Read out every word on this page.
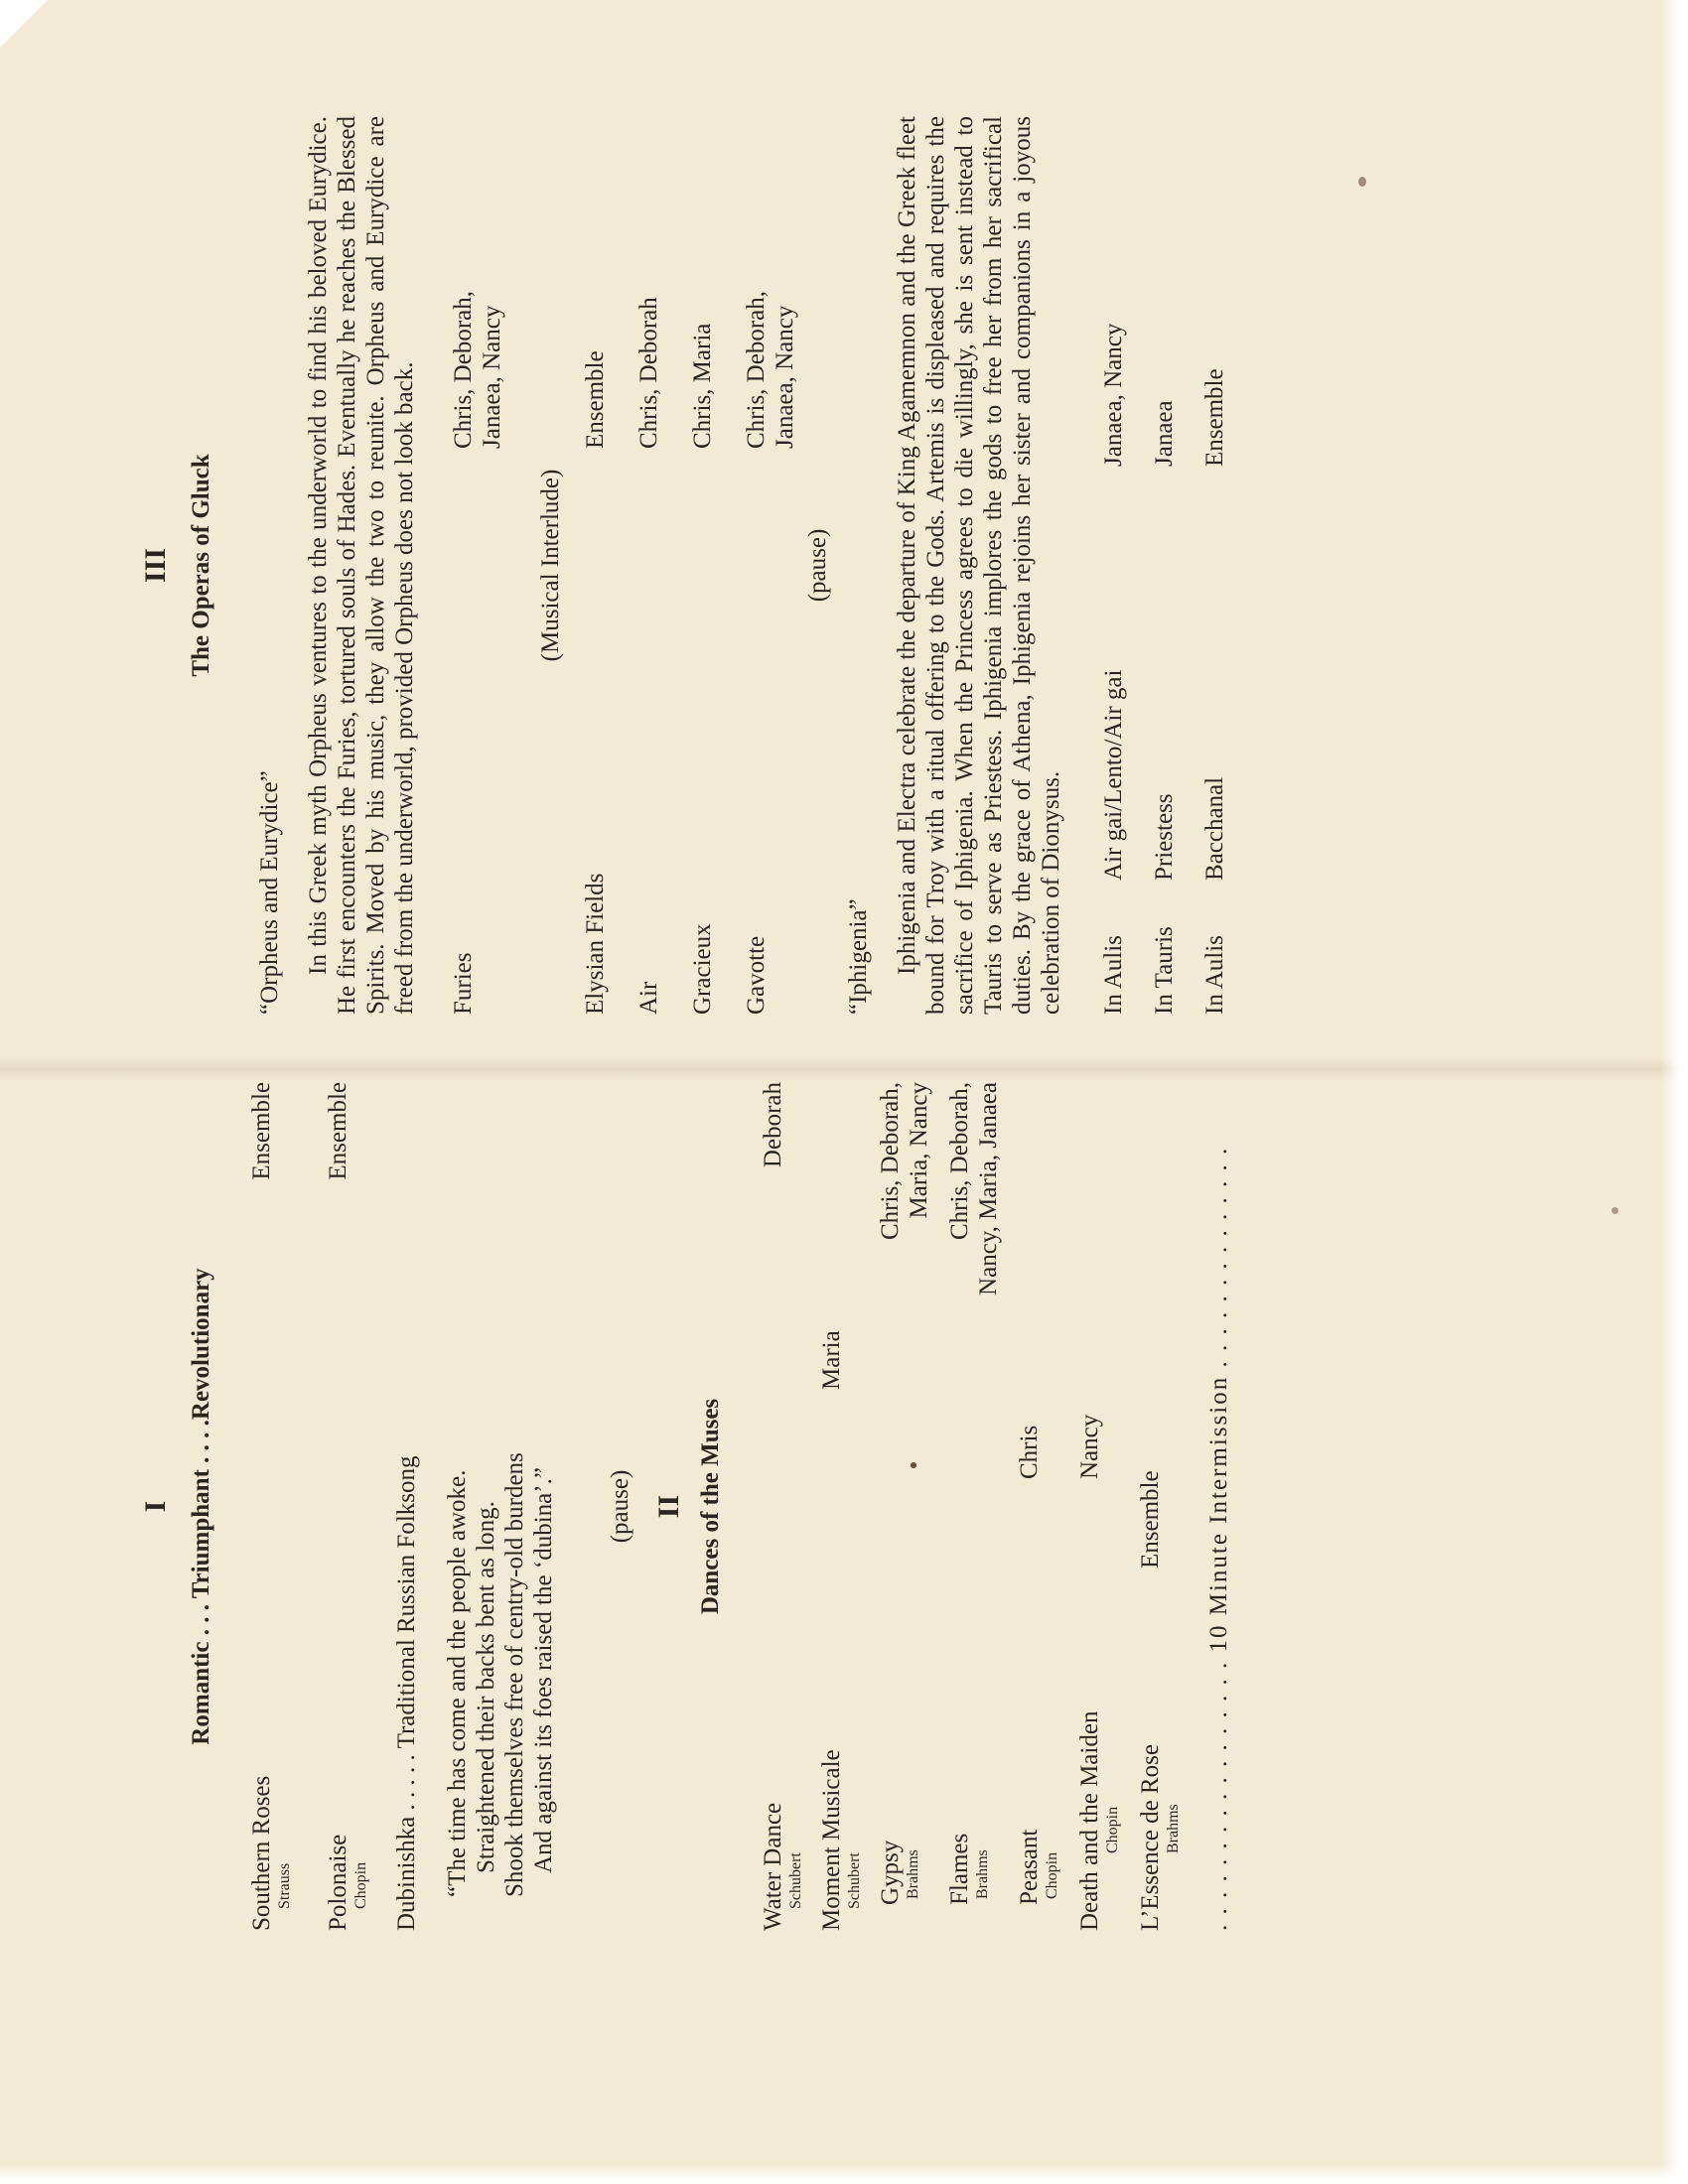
III The Operas of Gluck
“Orpheus and Eurydice” In this Greek myth Orpheus ventures to the underworld to find his beloved Eurydice. He first encounters the Furies, tortured souls of Hades. Eventually he reaches the Blessed Spirits. Moved by his music, they allow the two to reunite. Orpheus and Eurydice are freed from the underworld, provided Orpheus does not look back. Furies
Chris, Deborah,
Janaea, Nancy
(Musical Interlude)
Elysian Fields
Ensemble
Air
Chris, Deborah
Gracieux
Chris, Maria
Gavotte
Chris, Deborah,
Janaea, Nancy
(pause)
“Iphigenia” Iphigenia and Electra celebrate the departure of King Agamemnon and the Greek fleet bound for Troy with a ritual offering to the Gods. Artemis is displeased and requires the sacrifice of Iphigenia. When the Princess agrees to die willingly, she is sent instead to Tauris to serve as Priestess. Iphigenia implores the gods to free her from her sacrifical duties. By the grace of Athena, Iphigenia rejoins her sister and companions in a joyous celebration of Dionysus. In Aulis
Air gai/Lento/Air gai
Janaea, Nancy
In Tauris
Priestess
Janaea
In Aulis
Bacchanal
Ensemble
I Romantic . . . Triumphant . . . .Revolutionary
Southern Roses Strauss
Ensemble
Polonaise Chopin
Ensemble
Dubinishka . . . . . Traditional Russian Folksong “The time has come and the people awoke. Straightened their backs bent as long. Shook themselves free of centry-old burdens And against its foes raised the ‘dubina’.” (pause) II Dances of the Muses
Water Dance Schubert
Deborah
Moment Musicale Schubert
Maria
Gypsy Brahms
Chris, Deborah,
Maria, Nancy
Flames Brahms
Chris, Deborah,
Nancy, Maria, Janaea
Peasant Chopin
Chris
Death and the Maiden Chopin
Nancy
L’Essence de Rose Brahms
Ensemble . . . . . . . . . . . . . . . . . 10 Minute Intermission . . . . . . . . . . . . . .
